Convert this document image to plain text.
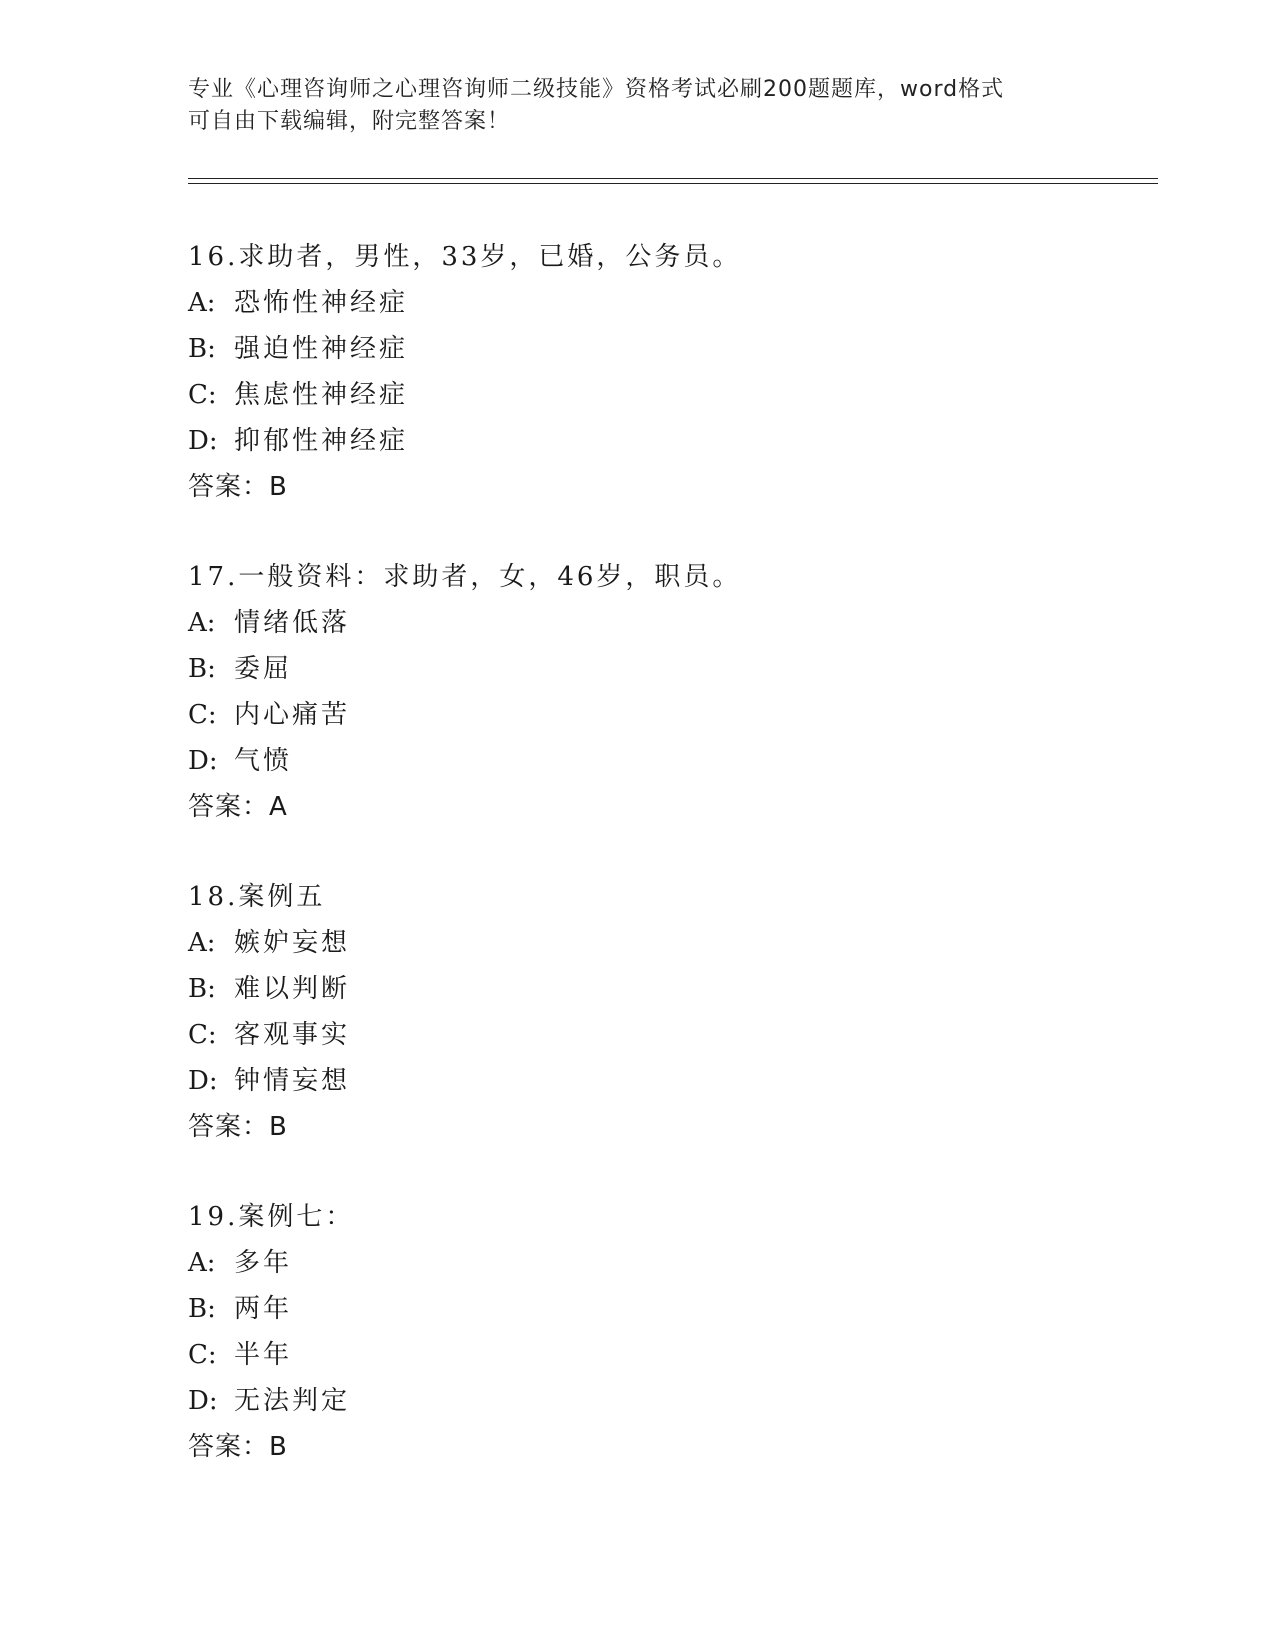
专业《心理咨询师之心理咨询师二级技能》资格考试必刷200题题库，word格式
可自由下载编辑，附完整答案！
16.求助者，男性，33岁，已婚，公务员。
A: 恐怖性神经症
B: 强迫性神经症
C: 焦虑性神经症
D: 抑郁性神经症
答案：B
17.一般资料：求助者，女，46岁，职员。
A: 情绪低落
B: 委屈
C: 内心痛苦
D: 气愤
答案：A
18.案例五
A: 嫉妒妄想
B: 难以判断
C: 客观事实
D: 钟情妄想
答案：B
19.案例七：
A: 多年
B: 两年
C: 半年
D: 无法判定
答案：B
